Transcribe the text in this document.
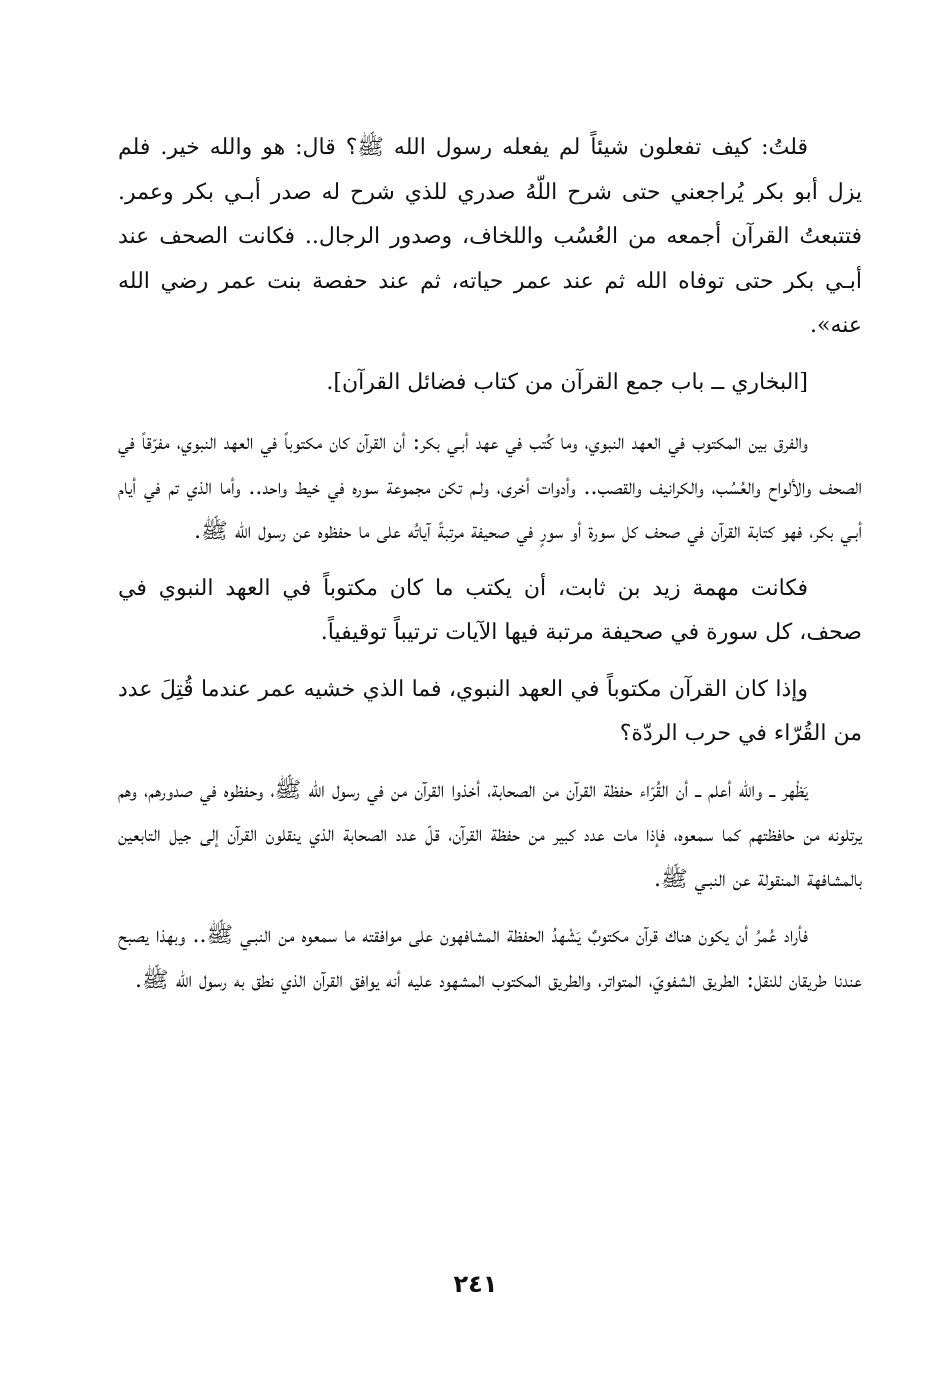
قلتُ: كيف تفعلون شيئاً لم يفعله رسول الله ﷺ؟ قال: هو والله خير. فلم يزل أبو بكر يُراجعني حتى شرح اللّهُ صدري للذي شرح له صدر أبـي بكر وعمر. فتتبعتُ القرآن أجمعه من العُسُب واللخاف، وصدور الرجال.. فكانت الصحف عند أبـي بكر حتى توفاه الله ثم عند عمر حياته، ثم عند حفصة بنت عمر رضي الله عنه».

[البخاري ــ باب جمع القرآن من كتاب فضائل القرآن].

والفرق بين المكتوب في العهد النبوي، وما كُتب في عهد أبـي بكر: أن القرآن كان مكتوباً في العهد النبوي، مفرّقاً في الصحف والألواح والعُسُب، والكرانيف والقصب.. وأدوات أخرى، ولـم تكن مجموعة سوره في خيط واحد.. وأما الذي تم في أيام أبـي بكر، فهو كتابة القرآن في صحف كل سورة أو سورٍ في صحيفة مرتبةً آياتُه على ما حفظوه عن رسول الله ﷺ.

فكانت مهمة زيد بن ثابت، أن يكتب ما كان مكتوباً في العهد النبوي في صحف، كل سورة في صحيفة مرتبة فيها الآيات ترتيباً توقيفياً.

وإذا كان القرآن مكتوباً في العهد النبوي، فما الذي خشيه عمر عندما قُتِلَ عدد من القُرّاء في حرب الردّة؟

يَظْهر ــ والله أعلم ــ أن القُرّاء حفظة القرآن من الصحابة، أخذوا القرآن من في رسول الله ﷺ، وحفظوه في صدورهم، وهم يرتلونه من حافظتهم كما سمعوه، فإذا مات عدد كبير من حفظة القرآن، قلّ عدد الصحابة الذي ينقلون القرآن إلى جيل التابعين بالمشافهة المنقولة عن النبـي ﷺ.

فأراد عُمرُ أن يكون هناك قرآن مكتوبٌ يَشْهدُ الحفظة المشافهون على موافقته ما سمعوه من النبـي ﷺ.. وبهذا يصبح عندنا طريقان للنقل: الطريق الشفويّ، المتواتر، والطريق المكتوب المشهود عليه أنه يوافق القرآن الذي نطق به رسول الله ﷺ.

٢٤١
